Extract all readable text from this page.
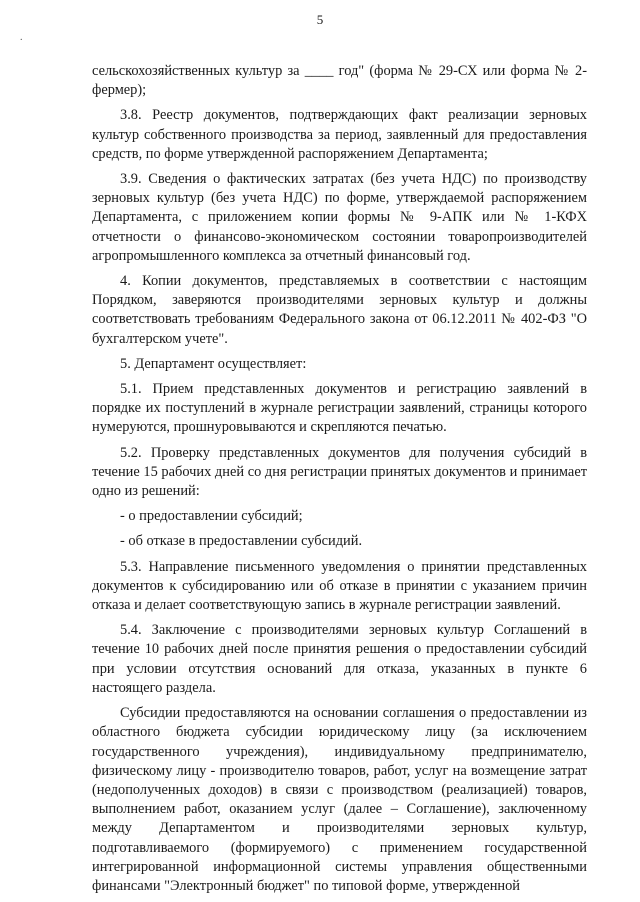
5
.

сельскохозяйственных культур за ____ год" (форма № 29-СХ или форма № 2-фермер);

3.8. Реестр документов, подтверждающих факт реализации зерновых культур собственного производства за период, заявленный для предоставления средств, по форме утвержденной распоряжением Департамента;

3.9. Сведения о фактических затратах (без учета НДС) по производству зерновых культур (без учета НДС) по форме, утверждаемой распоряжением Департамента, с приложением копии формы № 9-АПК или № 1-КФХ отчетности о финансово-экономическом состоянии товаропроизводителей агропромышленного комплекса за отчетный финансовый год.

4. Копии документов, представляемых в соответствии с настоящим Порядком, заверяются производителями зерновых культур и должны соответствовать требованиям Федерального закона от 06.12.2011 № 402-ФЗ "О бухгалтерском учете".

5. Департамент осуществляет:

5.1. Прием представленных документов и регистрацию заявлений в порядке их поступлений в журнале регистрации заявлений, страницы которого нумеруются, прошнуровываются и скрепляются печатью.

5.2. Проверку представленных документов для получения субсидий в течение 15 рабочих дней со дня регистрации принятых документов и принимает одно из решений:

- о предоставлении субсидий;

- об отказе в предоставлении субсидий.

5.3. Направление письменного уведомления о принятии представленных документов к субсидированию или об отказе в принятии с указанием причин отказа и делает соответствующую запись в журнале регистрации заявлений.

5.4. Заключение с производителями зерновых культур Соглашений в течение 10 рабочих дней после принятия решения о предоставлении субсидий при условии отсутствия оснований для отказа, указанных в пункте 6 настоящего раздела.

Субсидии предоставляются на основании соглашения о предоставлении из областного бюджета субсидии юридическому лицу (за исключением государственного учреждения), индивидуальному предпринимателю, физическому лицу - производителю товаров, работ, услуг на возмещение затрат (недополученных доходов) в связи с производством (реализацией) товаров, выполнением работ, оказанием услуг (далее – Соглашение), заключенному между Департаментом и производителями зерновых культур, подготавливаемого (формируемого) с применением государственной интегрированной информационной системы управления общественными финансами "Электронный бюджет" по типовой форме, утвержденной
